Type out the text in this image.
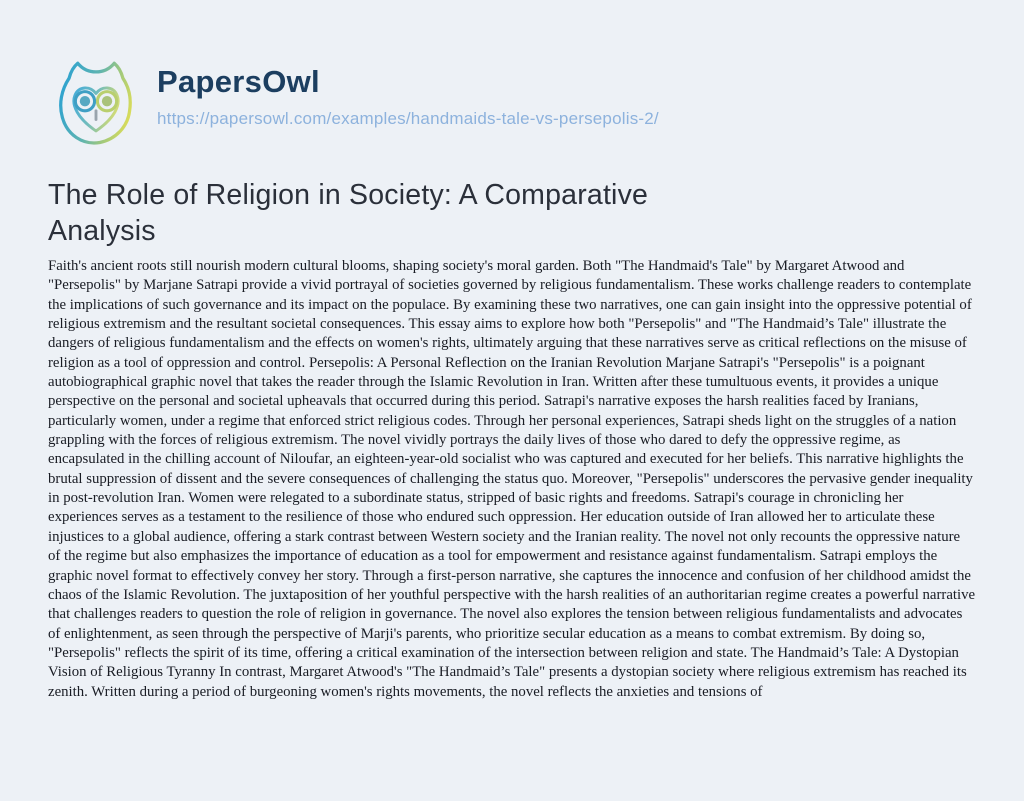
PapersOwl
https://papersowl.com/examples/handmaids-tale-vs-persepolis-2/
The Role of Religion in Society: A Comparative Analysis

Faith's ancient roots still nourish modern cultural blooms, shaping society's moral garden. Both "The Handmaid's Tale" by Margaret Atwood and "Persepolis" by Marjane Satrapi provide a vivid portrayal of societies governed by religious fundamentalism. These works challenge readers to contemplate the implications of such governance and its impact on the populace. By examining these two narratives, one can gain insight into the oppressive potential of religious extremism and the resultant societal consequences. This essay aims to explore how both "Persepolis" and "The Handmaid’s Tale" illustrate the dangers of religious fundamentalism and the effects on women's rights, ultimately arguing that these narratives serve as critical reflections on the misuse of religion as a tool of oppression and control. Persepolis: A Personal Reflection on the Iranian Revolution Marjane Satrapi's "Persepolis" is a poignant autobiographical graphic novel that takes the reader through the Islamic Revolution in Iran. Written after these tumultuous events, it provides a unique perspective on the personal and societal upheavals that occurred during this period. Satrapi's narrative exposes the harsh realities faced by Iranians, particularly women, under a regime that enforced strict religious codes. Through her personal experiences, Satrapi sheds light on the struggles of a nation grappling with the forces of religious extremism. The novel vividly portrays the daily lives of those who dared to defy the oppressive regime, as encapsulated in the chilling account of Niloufar, an eighteen-year-old socialist who was captured and executed for her beliefs. This narrative highlights the brutal suppression of dissent and the severe consequences of challenging the status quo. Moreover, "Persepolis" underscores the pervasive gender inequality in post-revolution Iran. Women were relegated to a subordinate status, stripped of basic rights and freedoms. Satrapi's courage in chronicling her experiences serves as a testament to the resilience of those who endured such oppression. Her education outside of Iran allowed her to articulate these injustices to a global audience, offering a stark contrast between Western society and the Iranian reality. The novel not only recounts the oppressive nature of the regime but also emphasizes the importance of education as a tool for empowerment and resistance against fundamentalism. Satrapi employs the graphic novel format to effectively convey her story. Through a first-person narrative, she captures the innocence and confusion of her childhood amidst the chaos of the Islamic Revolution. The juxtaposition of her youthful perspective with the harsh realities of an authoritarian regime creates a powerful narrative that challenges readers to question the role of religion in governance. The novel also explores the tension between religious fundamentalists and advocates of enlightenment, as seen through the perspective of Marji's parents, who prioritize secular education as a means to combat extremism. By doing so, "Persepolis" reflects the spirit of its time, offering a critical examination of the intersection between religion and state. The Handmaid’s Tale: A Dystopian Vision of Religious Tyranny In contrast, Margaret Atwood's "The Handmaid’s Tale" presents a dystopian society where religious extremism has reached its zenith. Written during a period of burgeoning women's rights movements, the novel reflects the anxieties and tensions of
